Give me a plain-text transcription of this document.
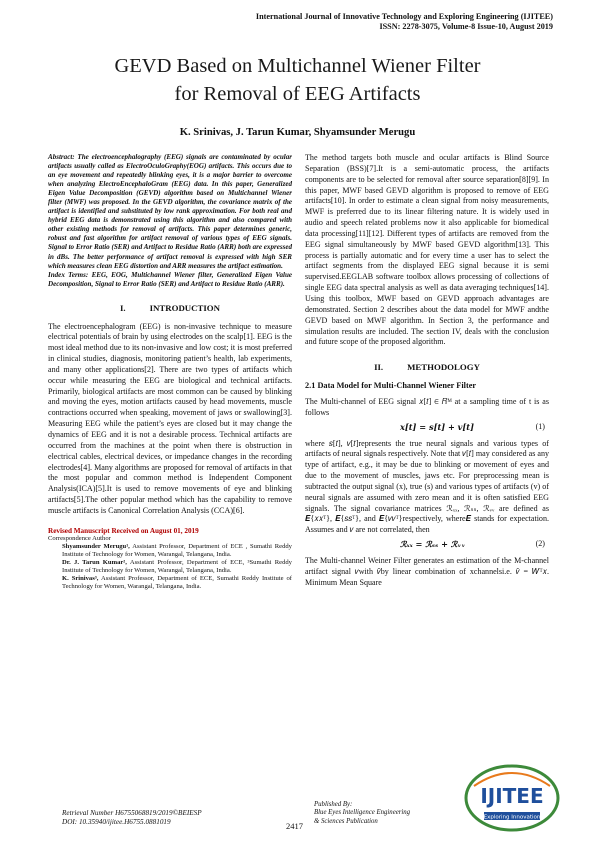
International Journal of Innovative Technology and Exploring Engineering (IJITEE)
ISSN: 2278-3075, Volume-8 Issue-10, August 2019
GEVD Based on Multichannel Wiener Filter
for Removal of EEG Artifacts
K. Srinivas, J. Tarun Kumar, Shyamsunder Merugu

Abstract: The electroencephalography (EEG) signals are contaminated by ocular artifacts usually called as ElectroOculoGraphy(EOG) artifacts. This occurs due to an eye movement and repeatedly blinking eyes, it is a major barrier to overcome when analyzing ElectroEncephaloGram (EEG) data. In this paper, Generalized Eigen Value Decomposition (GEVD) algorithm based on Multichannel Wiener filter (MWF) was proposed. In the GEVD algorithm, the covariance matrix of the artifact is identified and substituted by low rank approximation. For both real and hybrid EEG data is demonstrated using this algorithm and also compared with other existing methods for removal of artifacts. This paper determines generic, robust and fast algorithm for artifact removal of various types of EEG signals. Signal to Error Ratio (SER) and Artifact to Residue Ratio (ARR) both are expressed in dBs. The better performance of artifact removal is expressed with high SER which measures clean EEG distortion and ARR measures the artifact estimation.

Index Terms: EEG, EOG, Multichannel Wiener filter, Generalized Eigen Value Decomposition, Signal to Error Ratio (SER) and Artifact to Residue Ratio (ARR).

I.	INTRODUCTION

The electroencephalogram (EEG) is non-invasive technique to measure electrical potentials of brain by using electrodes on the scalp[1]. EEG is the most ideal method due to its non-invasive and low cost; it is most preferred in clinical studies, diagnosis, monitoring patient’s health, lab experiments, and many other applications[2]. There are two types of artifacts which occur while measuring the EEG are biological and technical artifacts. Primarily, biological artifacts are most common can be caused by blinking and moving the eyes, motion artifacts caused by head movements, muscle contractions occurred when speaking, movement of jaws or swallowing[3]. Measuring EEG while the patient’s eyes are closed but it may change the dynamics of EEG and it is not a desirable process. Technical artifacts are occurred from the machines at the point when there is obstruction in electrical cables, electrical devices, or impedance changes in the recording electrodes[4]. Many algorithms are proposed for removal of artifacts in that the most popular and common method is Independent Component Analysis(ICA)[5].It is used to remove movements of eye and blinking artifacts[5].The other popular method which has the capability to remove muscle artifacts is Canonical Correlation Analysis (CCA)[6].

Revised Manuscript Received on August 01, 2019
Correspondence Author
Shyamsunder Merugu¹, Assistant Professor, Department of ECE , Sumathi Reddy Institute of Technology for Women, Warangal, Telangana, India.
Dr. J. Tarun Kumar², Assistant Professor, Department of ECE, ³Sumathi Reddy Institute of Technology for Women, Warangal, Telangana, India.
K. Srinivas³, Assistant Professor, Department of ECE, Sumathi Reddy Institute of Technology for Women, Warangal, Telangana, India.

The method targets both muscle and ocular artifacts is Blind Source Separation (BSS)[7].It is a semi-automatic process, the artifacts components are to be selected for removal after source separation[8][9]. In this paper, MWF based GEVD algorithm is proposed to remove of EEG artifacts[10]. In order to estimate a clean signal from noisy measurements, MWF is preferred due to its linear filtering nature. It is widely used in audio and speech related problems now it also applicable for biomedical data processing[11][12]. Different types of artifacts are removed from the EEG signal simultaneously by MWF based GEVD algorithm[13]. This process is partially automatic and for every time a user has to select the artifact segments from the displayed EEG signal because it is semi supervised.EEGLAB software toolbox allows processing of collections of single EEG data spectral analysis as well as data averaging techniques[14]. Using this toolbox, MWF based on GEVD approach advantages are demonstrated. Section 2 describes about the data model for MWF andthe GEVD based on MWF algorithm. In Section 3, the performance and simulation results are included. The section IV, deals with the conclusion and future scope of the proposed algorithm.

II.	METHODOLOGY
2.1 Data Model for Multi-Channel Wiener Filter

The Multi-channel of EEG signal 𝑥[𝑡] ∈ 𝑅ᴹ at a sampling time of t is as follows

𝒙[𝒕] = 𝒔[𝒕] + 𝒗[𝒕]	(1)

where 𝑠[𝑡], 𝑣[𝑡]represents the true neural signals and various types of artifacts of neural signals respectively. Note that 𝑣[𝑡] may considered as any type of artifact, e.g., it may be due to blinking or movement of eyes and due to the movement of muscles, jaws etc. For preprocessing mean is subtracted the output signal (x), true (s) and various types of artifacts (v) of neural signals are assumed with zero mean and it is often satisfied EEG signals. The signal covariance matrices ℛₓₓ, ℛₛₛ, ℛᵥᵥ are defined as 𝑬{𝑥𝑥ᵀ}, 𝑬{𝑠𝑠ᵀ}, and 𝑬{𝑣𝑣ᵀ}respectively, where𝑬 stands for expectation. Assumes and 𝑣 are not correlated, then

ℛₓₓ = ℛₛₛ + ℛᵥᵥ	(2)

The Multi-channel Weiner Filter generates an estimation of the M-channel artifact signal 𝑣with 𝑣̂by linear combination of xchannelsi.e. 𝑣̂ = 𝑊ᵀ𝑥. Minimum Mean Square

Retrieval Number H6755068819/2019©BEIESP
DOI: 10.35940/ijitee.H6755.0881019	2417
Published By:
Blue Eyes Intelligence Engineering
& Sciences Publication
IJITEE
Exploring Innovation
